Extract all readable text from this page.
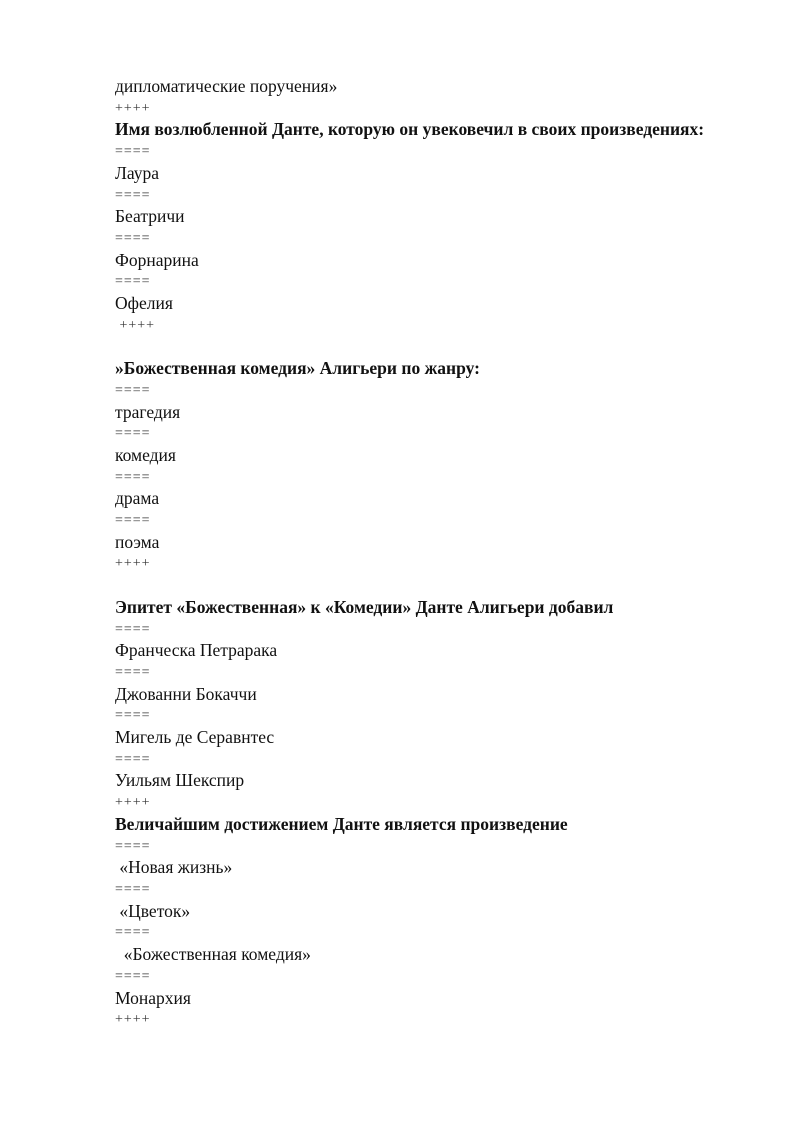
дипломатические поручения»

++++

Имя возлюбленной Данте, которую он увековечил в своих произведениях:

====

Лаура

====

Беатричи

====

Форнарина

====

Офелия

++++

»Божественная комедия» Алигьери по жанру:

====

трагедия

====

комедия

====

драма

====

поэма

++++

Эпитет «Божественная» к «Комедии» Данте Алигьери добавил

====

Франческа Петрарака

====

Джованни Бокаччи

====

Мигель де Серавнтес

====

Уильям Шекспир

++++

Величайшим достижением Данте является произведение

====

«Новая жизнь»

====

«Цветок»

====

«Божественная комедия»

====

Монархия

++++
